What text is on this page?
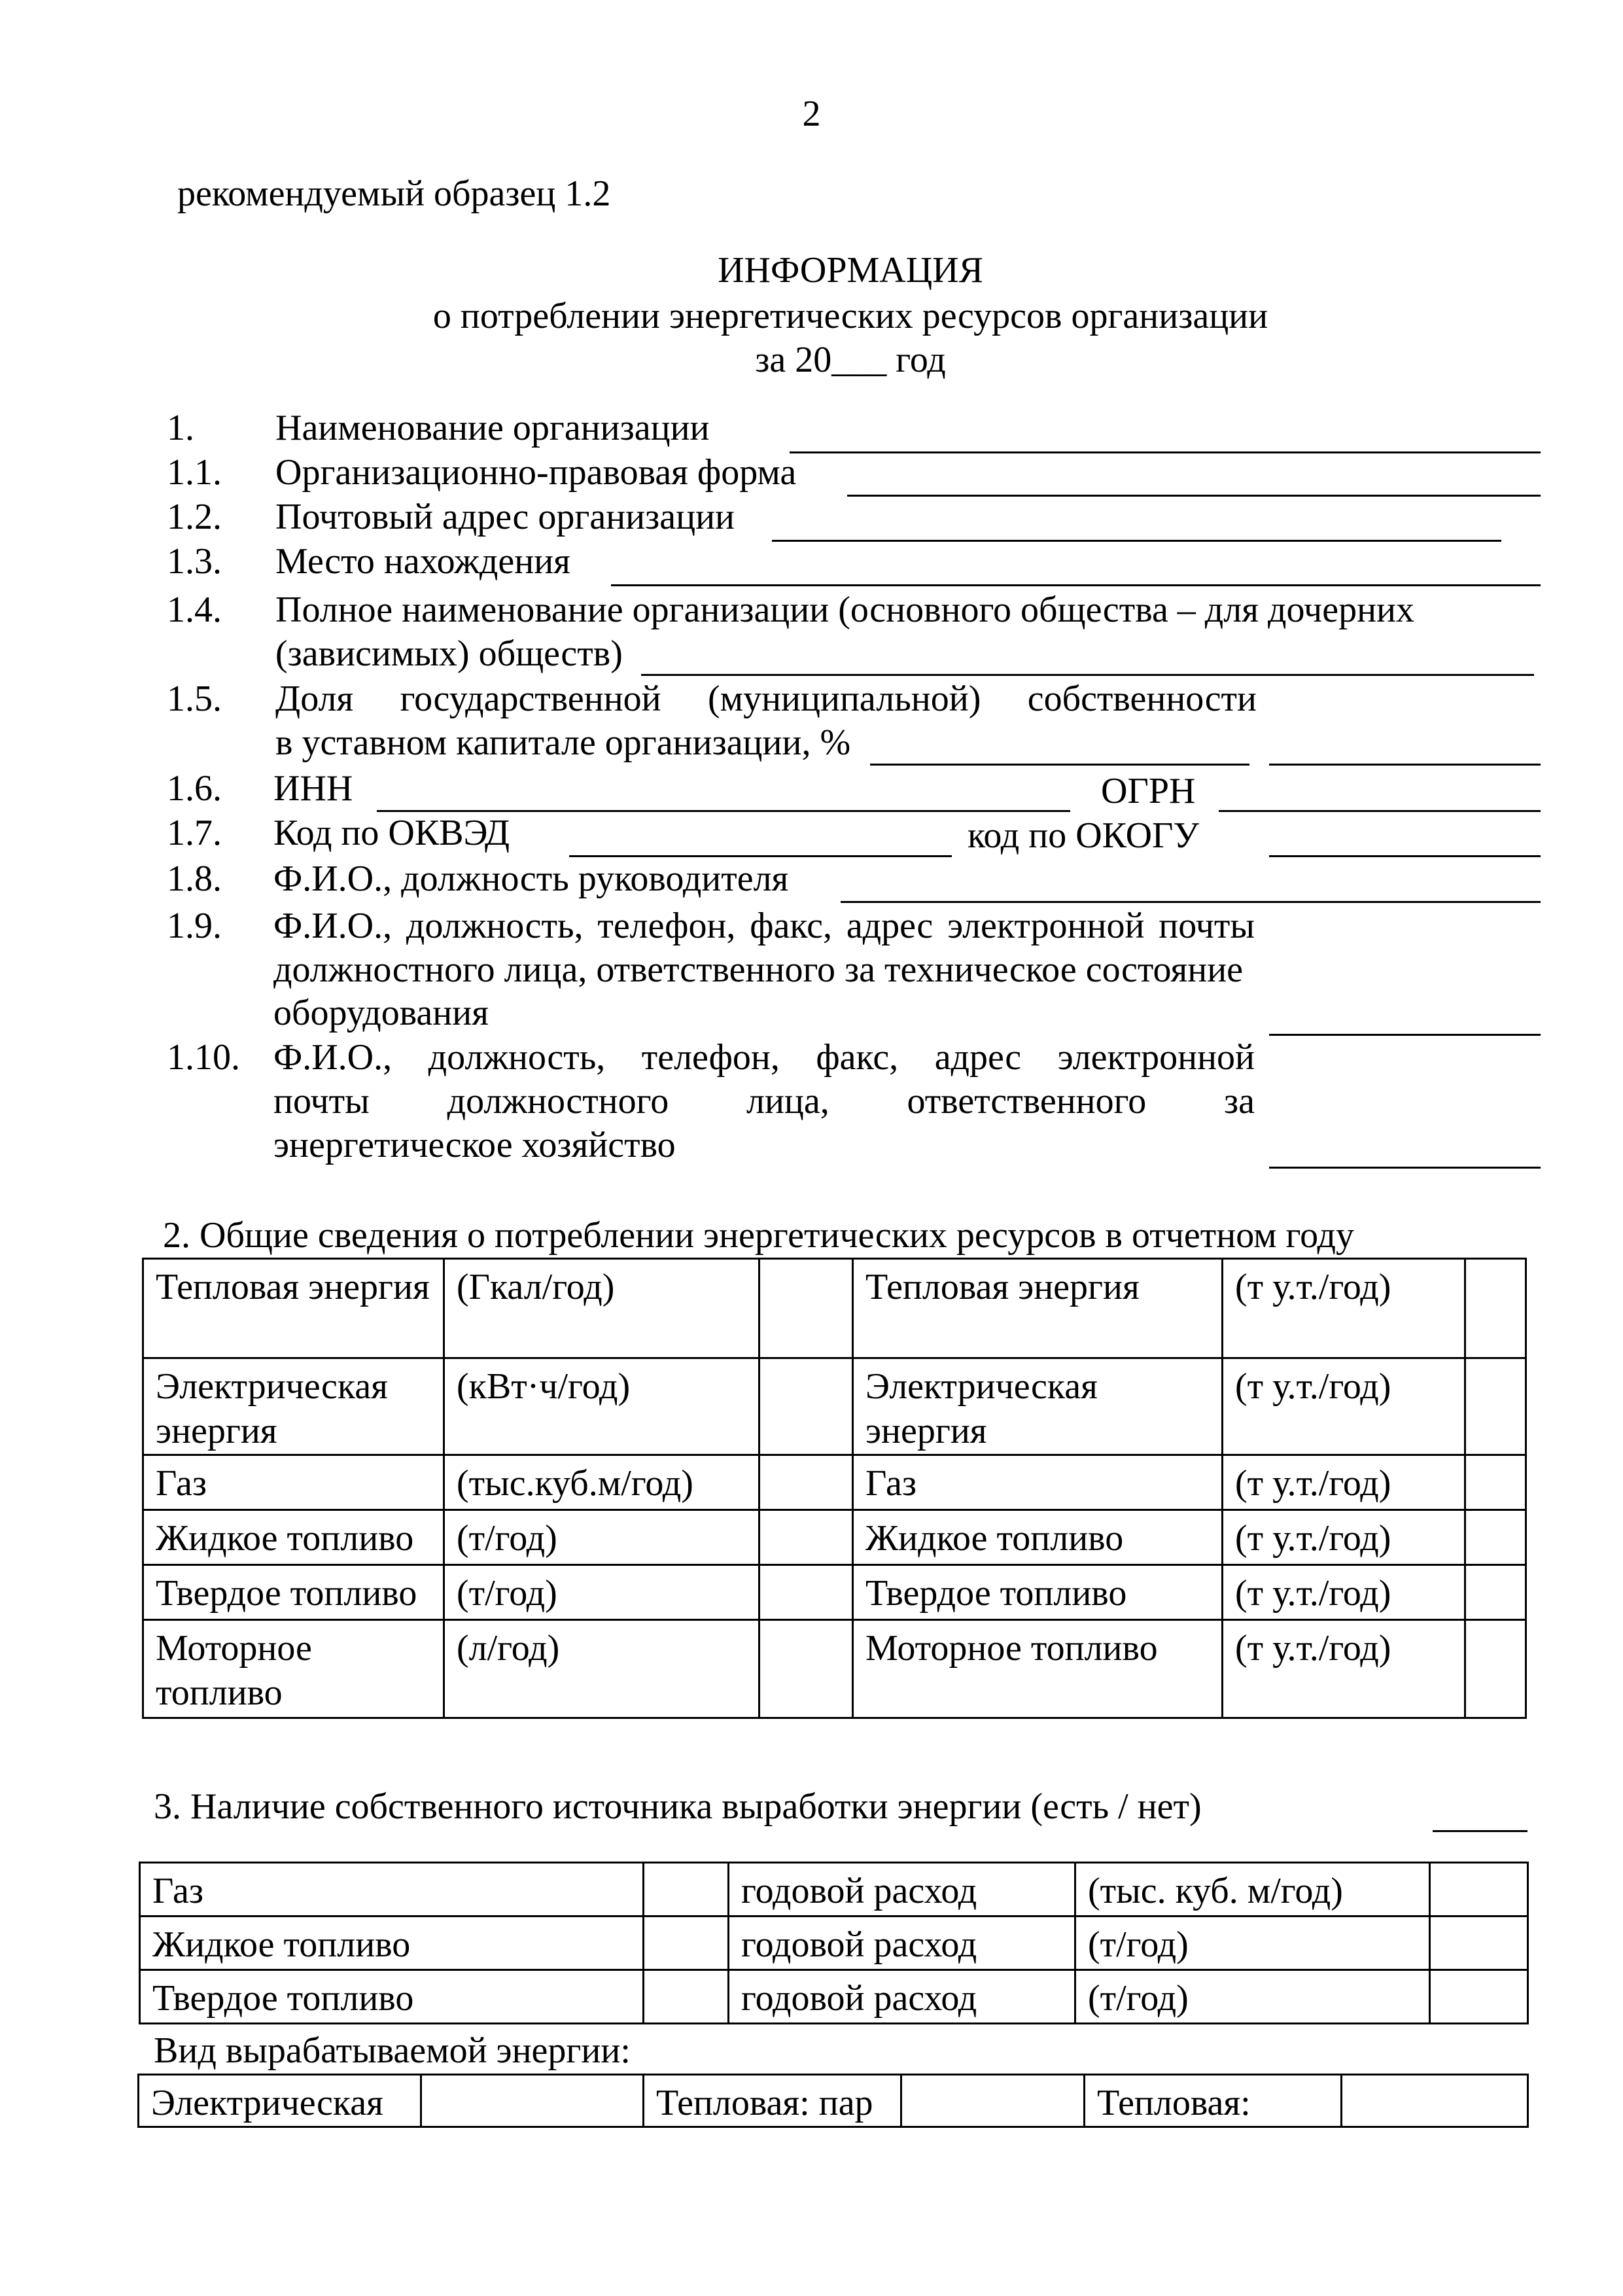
2
рекомендуемый образец 1.2
ИНФОРМАЦИЯ
о потреблении энергетических ресурсов организации
за 20___ год
1. Наименование организации
1.1. Организационно-правовая форма
1.2. Почтовый адрес организации
1.3. Место нахождения
1.4. Полное наименование организации (основного общества – для дочерних
(зависимых) обществ)
1.5. Доля государственной (муниципальной) собственности
в уставном капитале организации, %
1.6. ИНН	ОГРН
1.7. Код по ОКВЭД	код по ОКОГУ
1.8. Ф.И.О., должность руководителя
1.9. Ф.И.О., должность, телефон, факс, адрес электронной почты
должностного лица, ответственного за техническое состояние
оборудования
1.10. Ф.И.О., должность, телефон, факс, адрес электронной
почты должностного лица, ответственного за
энергетическое хозяйство
2. Общие сведения о потреблении энергетических ресурсов в отчетном году
Тепловая энергия	(Гкал/год)		Тепловая энергия	(т у.т./год)	
Электрическая энергия	(кВт·ч/год)		Электрическая энергия	(т у.т./год)	
Газ	(тыс.куб.м/год)		Газ	(т у.т./год)	
Жидкое топливо	(т/год)		Жидкое топливо	(т у.т./год)	
Твердое топливо	(т/год)		Твердое топливо	(т у.т./год)	
Моторное топливо	(л/год)		Моторное топливо	(т у.т./год)	
3. Наличие собственного источника выработки энергии (есть / нет)
Газ		годовой расход	(тыс. куб. м/год)	
Жидкое топливо		годовой расход	(т/год)	
Твердое топливо		годовой расход	(т/год)	
Вид вырабатываемой энергии:
Электрическая		Тепловая: пар		Тепловая:	
